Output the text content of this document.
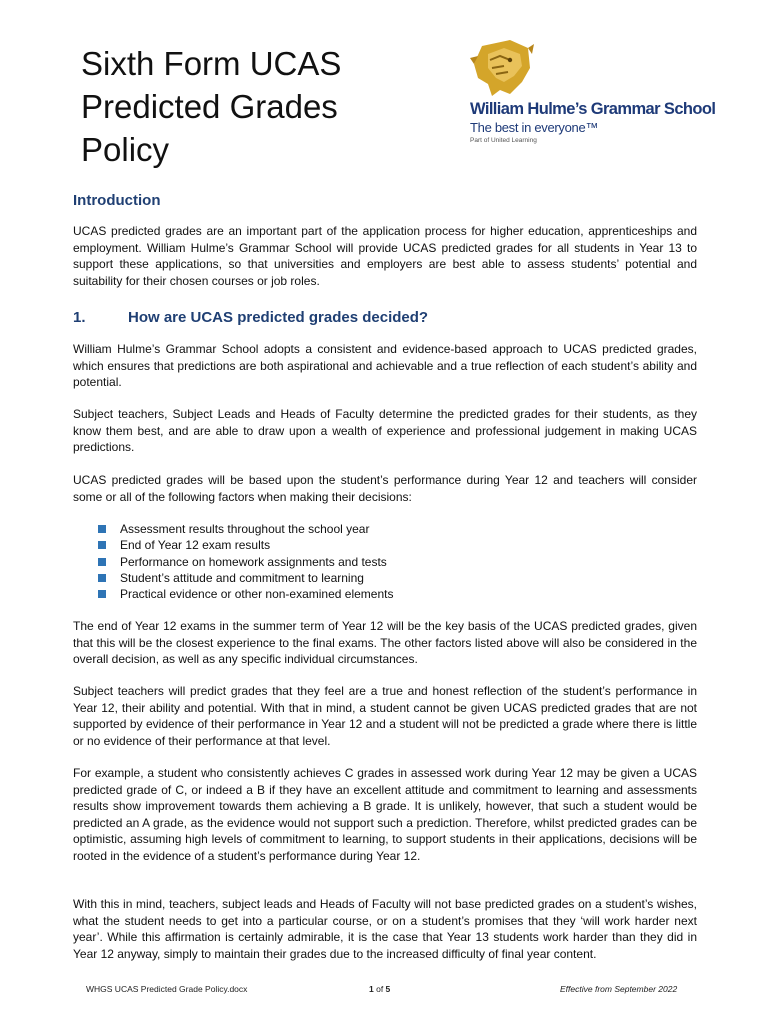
Sixth Form UCAS Predicted Grades Policy
William Hulme’s Grammar School
The best in everyone™
Part of United Learning
Introduction

UCAS predicted grades are an important part of the application process for higher education, apprenticeships and employment. William Hulme’s Grammar School will provide UCAS predicted grades for all students in Year 13 to support these applications, so that universities and employers are best able to assess students’ potential and suitability for their chosen courses or job roles.

1.	How are UCAS predicted grades decided?

William Hulme’s Grammar School adopts a consistent and evidence-based approach to UCAS predicted grades, which ensures that predictions are both aspirational and achievable and a true reflection of each student’s ability and potential.

Subject teachers, Subject Leads and Heads of Faculty determine the predicted grades for their students, as they know them best, and are able to draw upon a wealth of experience and professional judgement in making UCAS predictions.

UCAS predicted grades will be based upon the student’s performance during Year 12 and teachers will consider some or all of the following factors when making their decisions:

Assessment results throughout the school year
End of Year 12 exam results
Performance on homework assignments and tests
Student’s attitude and commitment to learning
Practical evidence or other non-examined elements

The end of Year 12 exams in the summer term of Year 12 will be the key basis of the UCAS predicted grades, given that this will be the closest experience to the final exams. The other factors listed above will also be considered in the overall decision, as well as any specific individual circumstances.

Subject teachers will predict grades that they feel are a true and honest reflection of the student’s performance in Year 12, their ability and potential. With that in mind, a student cannot be given UCAS predicted grades that are not supported by evidence of their performance in Year 12 and a student will not be predicted a grade where there is little or no evidence of their performance at that level.

For example, a student who consistently achieves C grades in assessed work during Year 12 may be given a UCAS predicted grade of C, or indeed a B if they have an excellent attitude and commitment to learning and assessments results show improvement towards them achieving a B grade. It is unlikely, however, that such a student would be predicted an A grade, as the evidence would not support such a prediction. Therefore, whilst predicted grades can be optimistic, assuming high levels of commitment to learning, to support students in their applications, decisions will be rooted in the evidence of a student’s performance during Year 12.

With this in mind, teachers, subject leads and Heads of Faculty will not base predicted grades on a student’s wishes, what the student needs to get into a particular course, or on a student’s promises that they ‘will work harder next year’. While this affirmation is certainly admirable, it is the case that Year 13 students work harder than they did in Year 12 anyway, simply to maintain their grades due to the increased difficulty of final year content.

WHGS UCAS Predicted Grade Policy.docx	1 of 5	Effective from September 2022
